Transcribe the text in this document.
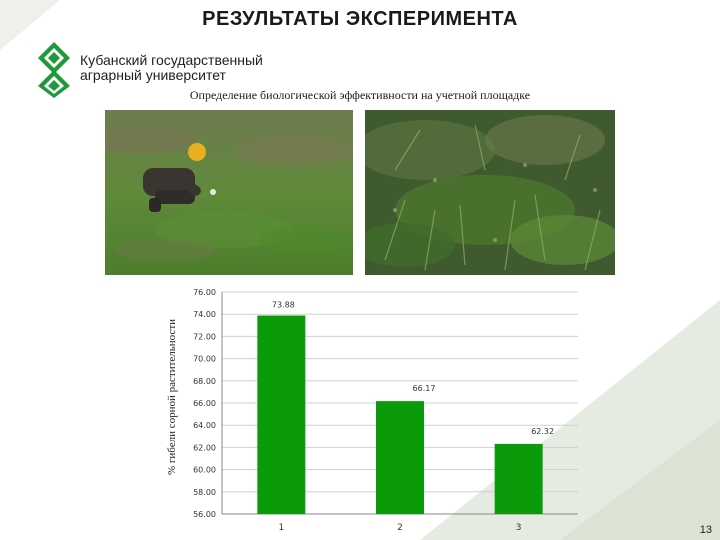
РЕЗУЛЬТАТЫ ЭКСПЕРИМЕНТА
Кубанский государственный
аграрный университет
Определение биологической эффективности на учетной площадке
56.00
58.00
60.00
62.00
64.00
66.00
68.00
70.00
72.00
74.00
76.00
1	2	3
73.88
66.17
62.32
% гибели сорной растительности
13
